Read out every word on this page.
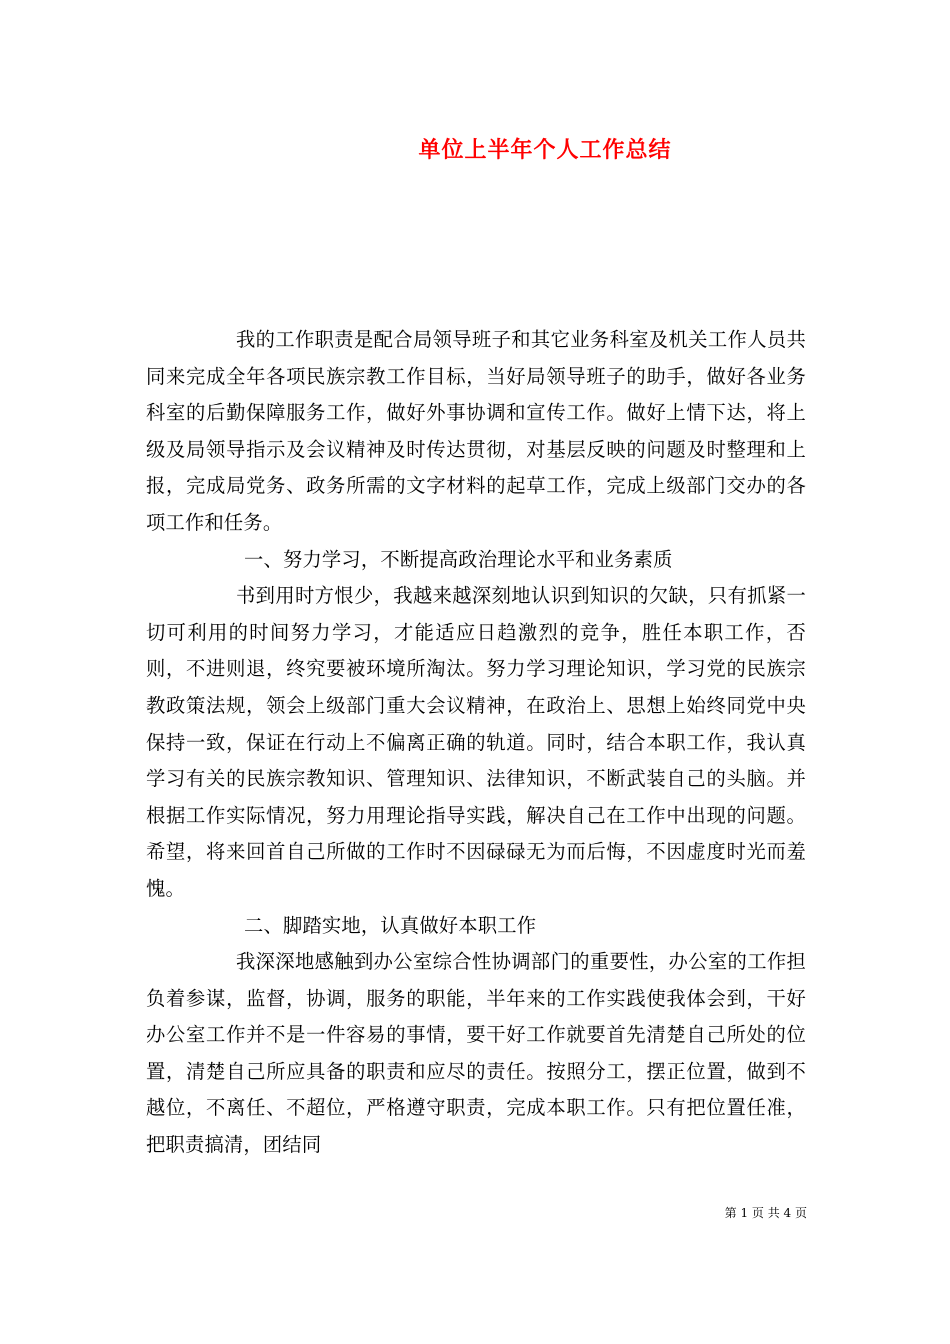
单位上半年个人工作总结

我的工作职责是配合局领导班子和其它业务科室及机关工作人员共同来完成全年各项民族宗教工作目标，当好局领导班子的助手，做好各业务科室的后勤保障服务工作，做好外事协调和宣传工作。做好上情下达，将上级及局领导指示及会议精神及时传达贯彻，对基层反映的问题及时整理和上报，完成局党务、政务所需的文字材料的起草工作，完成上级部门交办的各项工作和任务。

一、努力学习，不断提高政治理论水平和业务素质

书到用时方恨少，我越来越深刻地认识到知识的欠缺，只有抓紧一切可利用的时间努力学习，才能适应日趋激烈的竞争，胜任本职工作，否则，不进则退，终究要被环境所淘汰。努力学习理论知识，学习党的民族宗教政策法规，领会上级部门重大会议精神，在政治上、思想上始终同党中央保持一致，保证在行动上不偏离正确的轨道。同时，结合本职工作，我认真学习有关的民族宗教知识、管理知识、法律知识，不断武装自己的头脑。并根据工作实际情况，努力用理论指导实践，解决自己在工作中出现的问题。希望，将来回首自己所做的工作时不因碌碌无为而后悔，不因虚度时光而羞愧。

二、脚踏实地，认真做好本职工作

我深深地感触到办公室综合性协调部门的重要性，办公室的工作担负着参谋，监督，协调，服务的职能，半年来的工作实践使我体会到，干好办公室工作并不是一件容易的事情，要干好工作就要首先清楚自己所处的位置，清楚自己所应具备的职责和应尽的责任。按照分工，摆正位置，做到不越位，不离任、不超位，严格遵守职责，完成本职工作。只有把位置任准，把职责搞清，团结同

第 1 页 共 4 页
